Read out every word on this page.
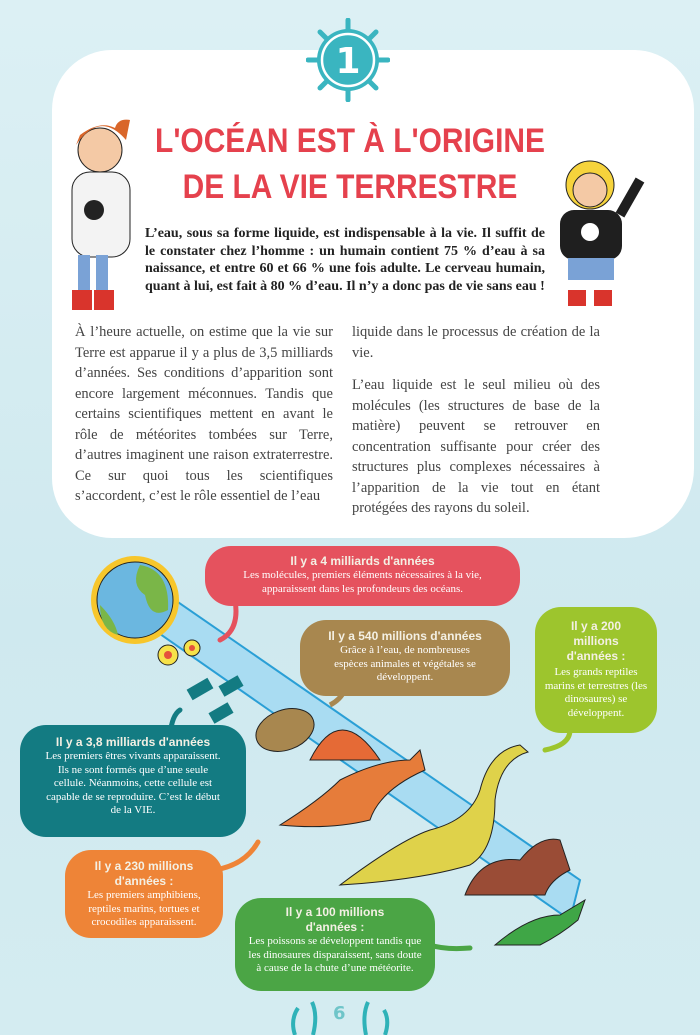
1
L'OCÉAN EST À L'ORIGINE
DE LA VIE TERRESTRE
L’eau, sous sa forme liquide, est indispensable à la vie. Il suffit de le constater chez l’homme : un humain contient 75 % d’eau à sa naissance, et entre 60 et 66 % une fois adulte. Le cerveau humain, quant à lui, est fait à 80 % d’eau. Il n’y a donc pas de vie sans eau !

À l’heure actuelle, on estime que la vie sur Terre est apparue il y a plus de 3,5 milliards d’années. Ses conditions d’apparition sont encore largement méconnues. Tandis que certains scientifiques mettent en avant le rôle de météorites tombées sur Terre, d’autres imaginent une raison extraterrestre. Ce sur quoi tous les scientifiques s’accordent, c’est le rôle essentiel de l’eau

liquide dans le processus de création de la vie.

L’eau liquide est le seul milieu où des molécules (les structures de base de la matière) peuvent se retrouver en concentration suffisante pour créer des structures plus complexes nécessaires à l’apparition de la vie tout en étant protégées des rayons du soleil.

Il y a 4 milliards d'années
Les molécules, premiers éléments nécessaires à la vie, apparaissent dans les profondeurs des océans.
Il y a 540 millions d'années
Grâce à l’eau, de nombreuses espèces animales et végétales se développent.
Il y a 200 millions d'années :
Les grands reptiles marins et terrestres (les dinosaures) se développent.
Il y a 3,8 milliards d'années
Les premiers êtres vivants apparaissent. Ils ne sont formés que d’une seule cellule. Néanmoins, cette cellule est capable de se reproduire. C’est le début de la VIE.
Il y a 230 millions d'années :
Les premiers amphibiens, reptiles marins, tortues et crocodiles apparaissent.
Il y a 100 millions d'années :
Les poissons se développent tandis que les dinosaures disparaissent, sans doute à cause de la chute d’une météorite.
6
